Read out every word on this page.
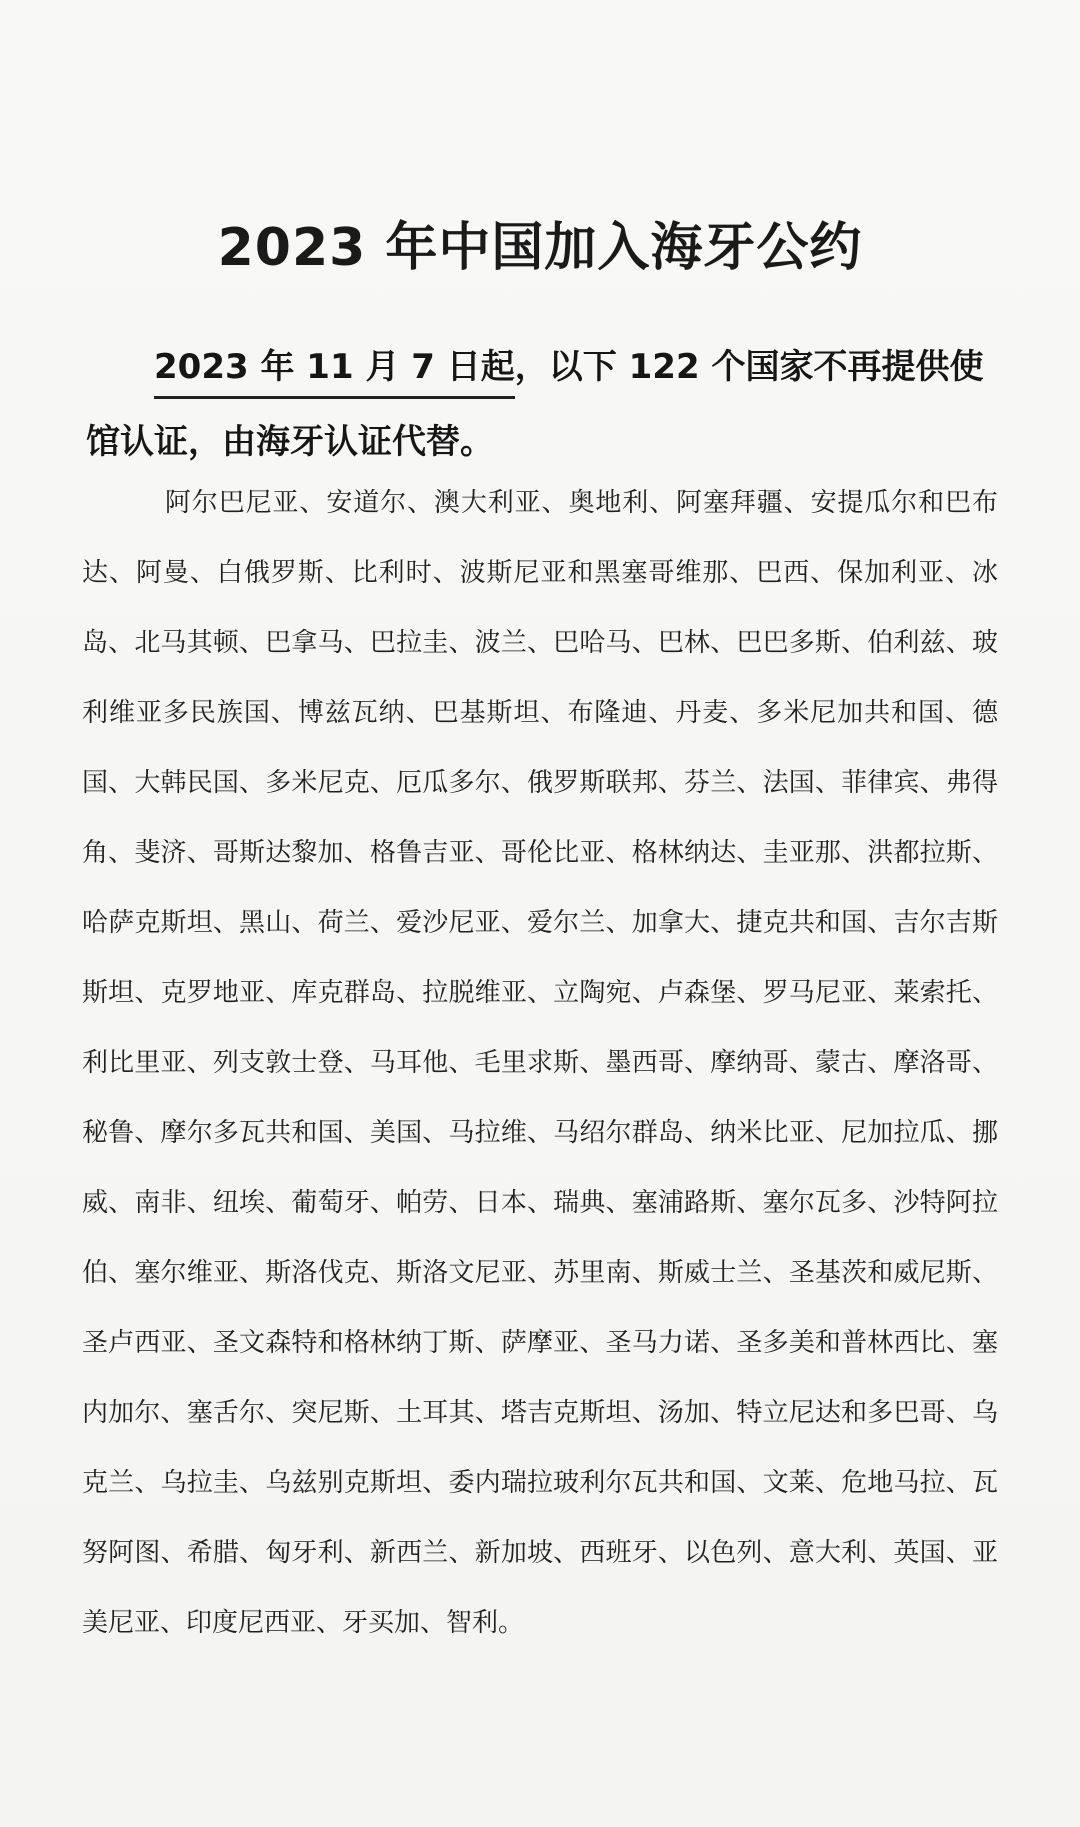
2023 年中国加入海牙公约
2023 年 11 月 7 日起，以下 122 个国家不再提供使馆认证，由海牙认证代替。
阿尔巴尼亚、安道尔、澳大利亚、奥地利、阿塞拜疆、安提瓜尔和巴布达、阿曼、白俄罗斯、比利时、波斯尼亚和黑塞哥维那、巴西、保加利亚、冰岛、北马其顿、巴拿马、巴拉圭、波兰、巴哈马、巴林、巴巴多斯、伯利兹、玻利维亚多民族国、博兹瓦纳、巴基斯坦、布隆迪、丹麦、多米尼加共和国、德国、大韩民国、多米尼克、厄瓜多尔、俄罗斯联邦、芬兰、法国、菲律宾、弗得角、斐济、哥斯达黎加、格鲁吉亚、哥伦比亚、格林纳达、圭亚那、洪都拉斯、哈萨克斯坦、黑山、荷兰、爱沙尼亚、爱尔兰、加拿大、捷克共和国、吉尔吉斯斯坦、克罗地亚、库克群岛、拉脱维亚、立陶宛、卢森堡、罗马尼亚、莱索托、利比里亚、列支敦士登、马耳他、毛里求斯、墨西哥、摩纳哥、蒙古、摩洛哥、秘鲁、摩尔多瓦共和国、美国、马拉维、马绍尔群岛、纳米比亚、尼加拉瓜、挪威、南非、纽埃、葡萄牙、帕劳、日本、瑞典、塞浦路斯、塞尔瓦多、沙特阿拉伯、塞尔维亚、斯洛伐克、斯洛文尼亚、苏里南、斯威士兰、圣基茨和威尼斯、圣卢西亚、圣文森特和格林纳丁斯、萨摩亚、圣马力诺、圣多美和普林西比、塞内加尔、塞舌尔、突尼斯、土耳其、塔吉克斯坦、汤加、特立尼达和多巴哥、乌克兰、乌拉圭、乌兹别克斯坦、委内瑞拉玻利尔瓦共和国、文莱、危地马拉、瓦努阿图、希腊、匈牙利、新西兰、新加坡、西班牙、以色列、意大利、英国、亚美尼亚、印度尼西亚、牙买加、智利。
